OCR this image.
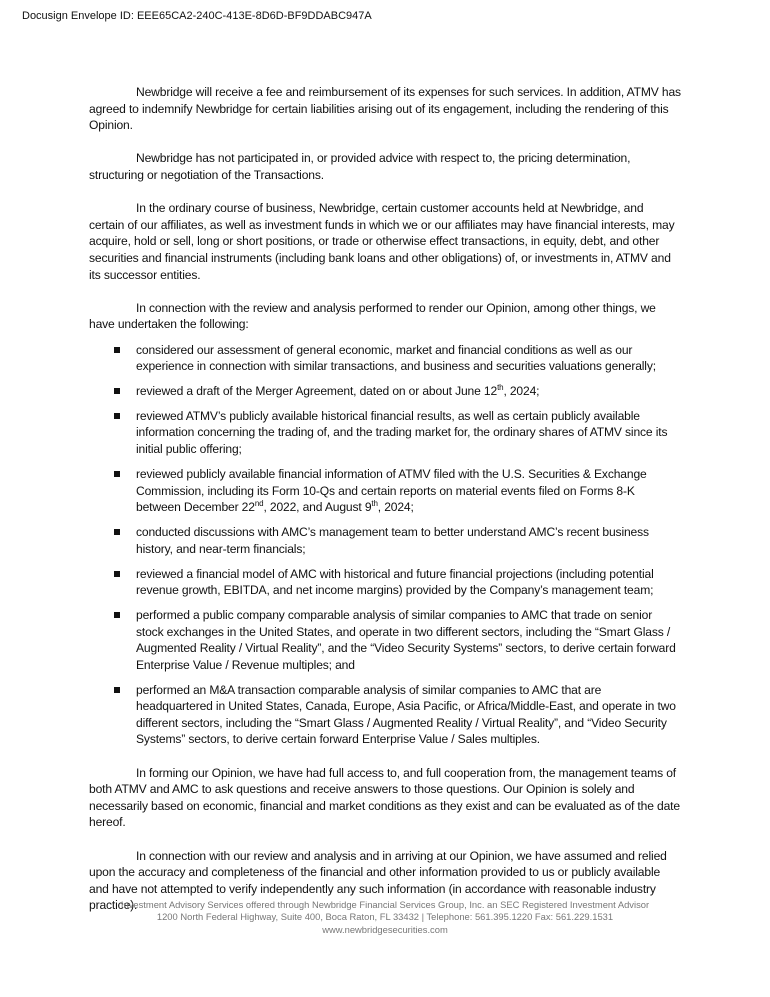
Docusign Envelope ID: EEE65CA2-240C-413E-8D6D-BF9DDABC947A

Newbridge will receive a fee and reimbursement of its expenses for such services. In addition, ATMV has agreed to indemnify Newbridge for certain liabilities arising out of its engagement, including the rendering of this Opinion.

Newbridge has not participated in, or provided advice with respect to, the pricing determination, structuring or negotiation of the Transactions.

In the ordinary course of business, Newbridge, certain customer accounts held at Newbridge, and certain of our affiliates, as well as investment funds in which we or our affiliates may have financial interests, may acquire, hold or sell, long or short positions, or trade or otherwise effect transactions, in equity, debt, and other securities and financial instruments (including bank loans and other obligations) of, or investments in, ATMV and its successor entities.

In connection with the review and analysis performed to render our Opinion, among other things, we have undertaken the following:

considered our assessment of general economic, market and financial conditions as well as our experience in connection with similar transactions, and business and securities valuations generally;
reviewed a draft of the Merger Agreement, dated on or about June 12th, 2024;
reviewed ATMV’s publicly available historical financial results, as well as certain publicly available information concerning the trading of, and the trading market for, the ordinary shares of ATMV since its initial public offering;
reviewed publicly available financial information of ATMV filed with the U.S. Securities & Exchange Commission, including its Form 10-Qs and certain reports on material events filed on Forms 8-K between December 22nd, 2022, and August 9th, 2024;
conducted discussions with AMC’s management team to better understand AMC’s recent business history, and near-term financials;
reviewed a financial model of AMC with historical and future financial projections (including potential revenue growth, EBITDA, and net income margins) provided by the Company’s management team;
performed a public company comparable analysis of similar companies to AMC that trade on senior stock exchanges in the United States, and operate in two different sectors, including the “Smart Glass / Augmented Reality / Virtual Reality”, and the “Video Security Systems” sectors, to derive certain forward Enterprise Value / Revenue multiples; and
performed an M&A transaction comparable analysis of similar companies to AMC that are headquartered in United States, Canada, Europe, Asia Pacific, or Africa/Middle-East, and operate in two different sectors, including the “Smart Glass / Augmented Reality / Virtual Reality”, and “Video Security Systems” sectors, to derive certain forward Enterprise Value / Sales multiples.

In forming our Opinion, we have had full access to, and full cooperation from, the management teams of both ATMV and AMC to ask questions and receive answers to those questions. Our Opinion is solely and necessarily based on economic, financial and market conditions as they exist and can be evaluated as of the date hereof.

In connection with our review and analysis and in arriving at our Opinion, we have assumed and relied upon the accuracy and completeness of the financial and other information provided to us or publicly available and have not attempted to verify independently any such information (in accordance with reasonable industry practice).

Investment Advisory Services offered through Newbridge Financial Services Group, Inc. an SEC Registered Investment Advisor
1200 North Federal Highway, Suite 400, Boca Raton, FL 33432 | Telephone: 561.395.1220 Fax: 561.229.1531
www.newbridgesecurities.com
